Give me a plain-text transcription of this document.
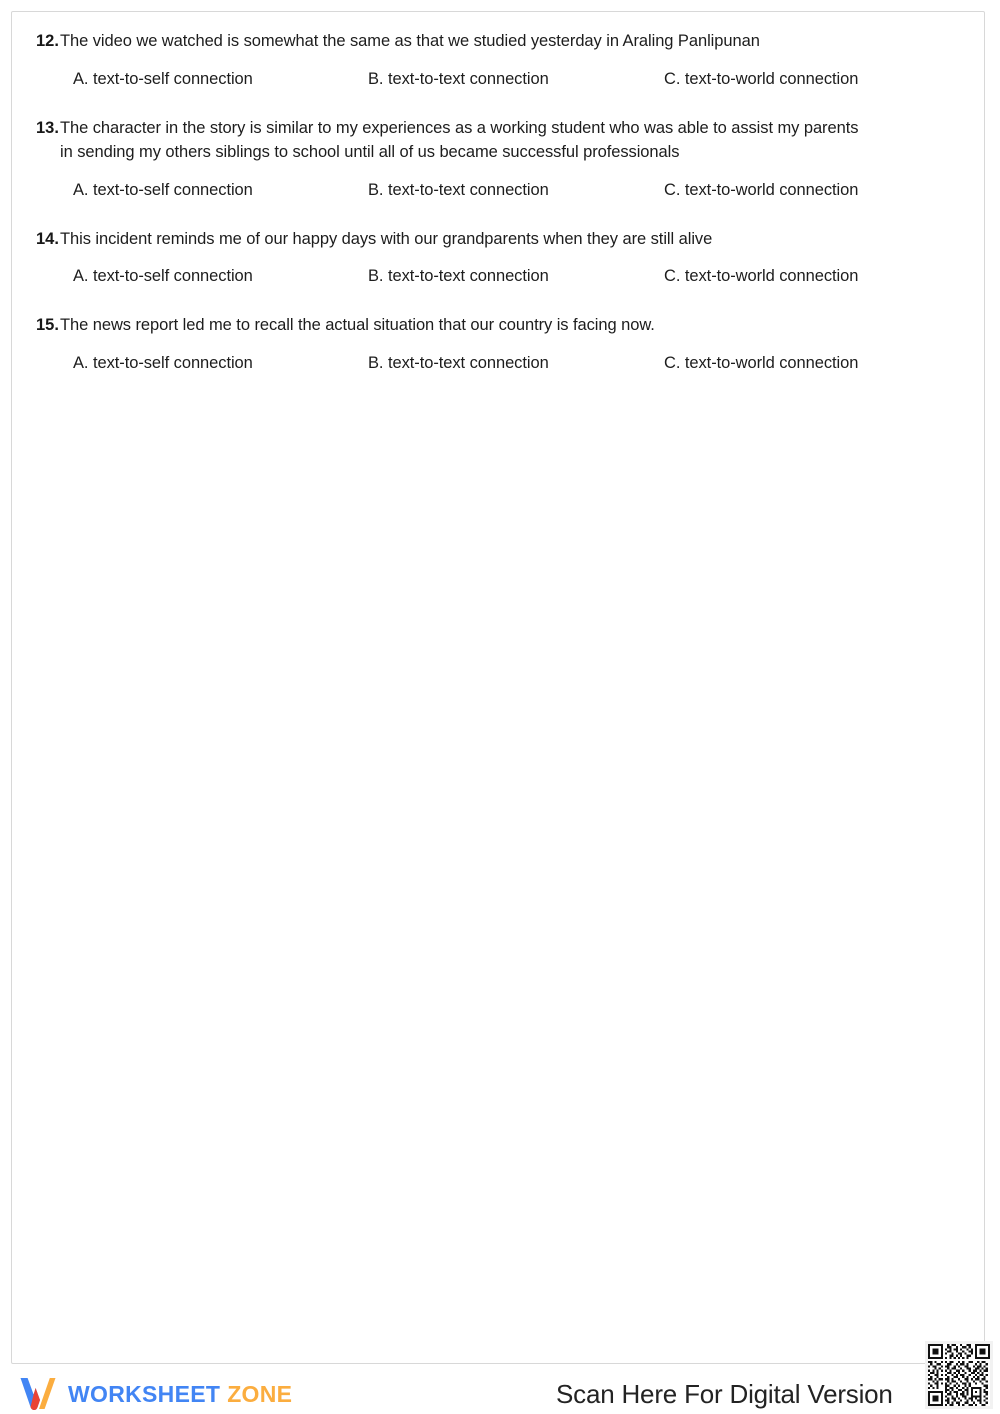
12. The video we watched is somewhat the same as that we studied yesterday in Araling Panlipunan
A. text-to-self connection	B. text-to-text connection	C. text-to-world connection
13. The character in the story is similar to my experiences as a working student who was able to assist my parents
in sending my others siblings to school until all of us became successful professionals
A. text-to-self connection	B. text-to-text connection	C. text-to-world connection
14. This incident reminds me of our happy days with our grandparents when they are still alive
A. text-to-self connection	B. text-to-text connection	C. text-to-world connection
15. The news report led me to recall the actual situation that our country is facing now.
A. text-to-self connection	B. text-to-text connection	C. text-to-world connection
WORKSHEET ZONE	Scan Here For Digital Version
